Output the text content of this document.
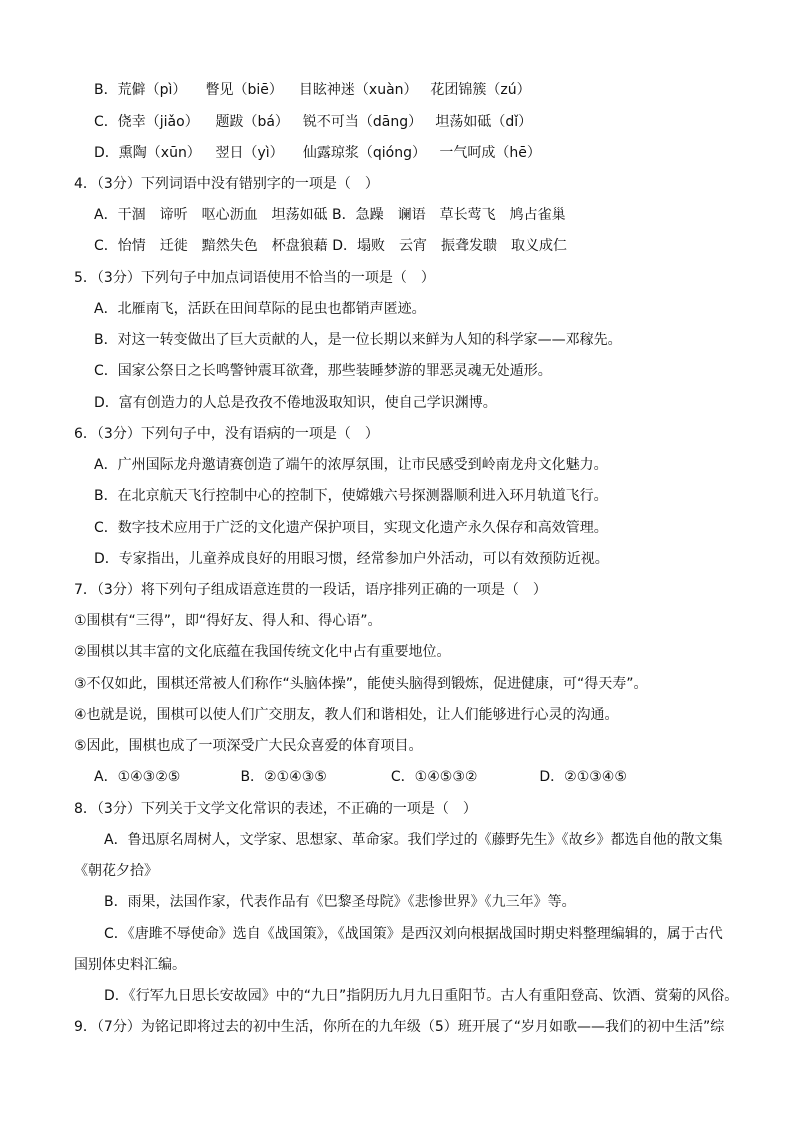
B．荒僻（pì） 瞥见（biē） 目眩神迷（xuàn） 花团锦簇（zú）
C．侥幸（jiǎo） 题跋（bá） 锐不可当（dāng） 坦荡如砥（dǐ）
D．熏陶（xūn） 翌日（yì） 仙露琼浆（qióng） 一气呵成（hē）
4．（3分）下列词语中没有错别字的一项是（　）
A．干涸　谛听　呕心沥血　坦荡如砥 B．急躁　谰语　草长莺飞　鸠占雀巢
C．怡情　迁徙　黯然失色　杯盘狼藉 D．塌败　云宵　振聋发聩　取义成仁
5．（3分）下列句子中加点词语使用不恰当的一项是（　）
A．北雁南飞，活跃在田间草际的昆虫也都销声匿迹。
B．对这一转变做出了巨大贡献的人，是一位长期以来鲜为人知的科学家——邓稼先。
C．国家公祭日之长鸣警钟震耳欲聋，那些装睡梦游的罪恶灵魂无处遁形。
D．富有创造力的人总是孜孜不倦地汲取知识，使自己学识渊博。
6．（3分）下列句子中，没有语病的一项是（　）
A．广州国际龙舟邀请赛创造了端午的浓厚氛围，让市民感受到岭南龙舟文化魅力。
B．在北京航天飞行控制中心的控制下，使嫦娥六号探测器顺利进入环月轨道飞行。
C．数字技术应用于广泛的文化遗产保护项目，实现文化遗产永久保存和高效管理。
D．专家指出，儿童养成良好的用眼习惯，经常参加户外活动，可以有效预防近视。
7．（3分）将下列句子组成语意连贯的一段话，语序排列正确的一项是（　）
①围棋有“三得”，即“得好友、得人和、得心语”。
②围棋以其丰富的文化底蕴在我国传统文化中占有重要地位。
③不仅如此，围棋还常被人们称作“头脑体操”，能使头脑得到锻炼，促进健康，可“得天寿”。
④也就是说，围棋可以使人们广交朋友，教人们和谐相处，让人们能够进行心灵的沟通。
⑤因此，围棋也成了一项深受广大民众喜爱的体育项目。
A．①④③②⑤	B．②①④③⑤	C．①④⑤③②	D．②①③④⑤
8．（3分）下列关于文学文化常识的表述，不正确的一项是（　）
A．鲁迅原名周树人，文学家、思想家、革命家。我们学过的《藤野先生》《故乡》都选自他的散文集
《朝花夕拾》
B．雨果，法国作家，代表作品有《巴黎圣母院》《悲惨世界》《九三年》等。
C．《唐雎不辱使命》选自《战国策》，《战国策》是西汉刘向根据战国时期史料整理编辑的，属于古代
国别体史料汇编。
D．《行军九日思长安故园》中的“九日”指阴历九月九日重阳节。古人有重阳登高、饮酒、赏菊的风俗。
9．（7分）为铭记即将过去的初中生活，你所在的九年级（5）班开展了“岁月如歌——我们的初中生活”综
